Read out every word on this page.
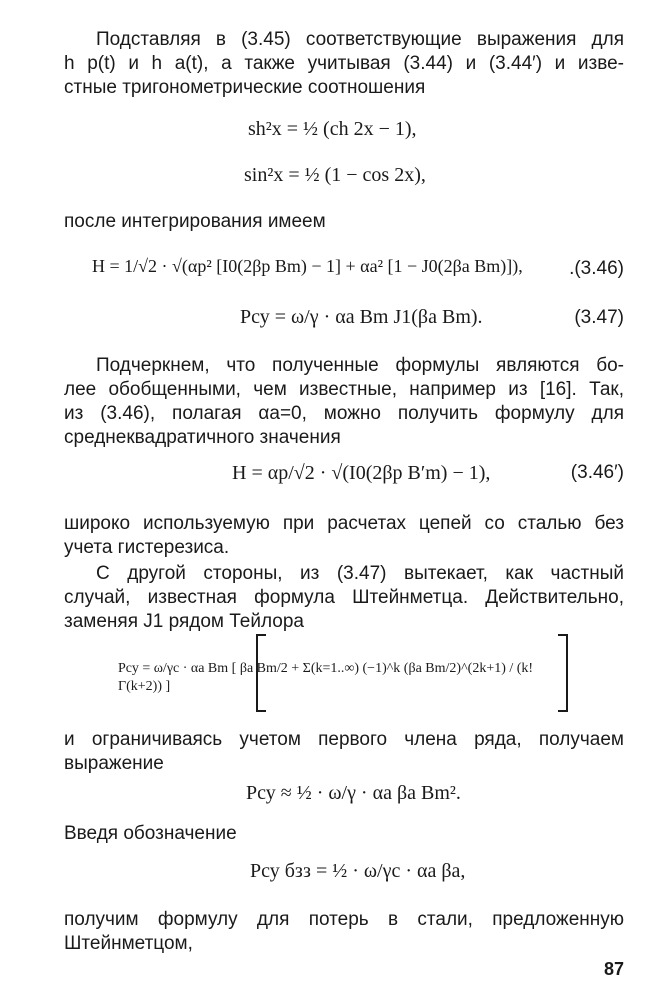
Подставляя в (3.45) соответствующие выражения для
h p(t) и h a(t), а также учитывая (3.44) и (3.44′) и изве-
стные тригонометрические соотношения
sh²x = ½ (ch 2x − 1),
sin²x = ½ (1 − cos 2x),
после интегрирования имеем
H = 1/√2 · √(αp² [I0(2βp Bm) − 1] + αa² [1 − J0(2βa Bm)]), .(3.46)
Pсу = ω/γ · αa Bm J1(βa Bm).	(3.47)
Подчеркнем, что полученные формулы являются бо-
лее обобщенными, чем известные, например из [16]. Так,
из (3.46), полагая αа=0, можно получить формулу для
среднеквадратичного значения
H = αp/√2 · √(I0(2βp B′m) − 1),	(3.46′)
широко используемую при расчетах цепей со сталью без
учета гистерезиса.
С другой стороны, из (3.47) вытекает, как частный
случай, известная формула Штейнметца. Действительно,
заменяя J1 рядом Тейлора
Pсу = ω/γс · αa Bm [ βa Bm/2 + Σ(k=1..∞) (−1)^k (βa Bm/2)^(2k+1) / (k! Γ(k+2)) ]
и ограничиваясь учетом первого члена ряда, получаем
выражение
Pсу ≈ ½ · ω/γ · αa βa Bm².
Введя обозначение
Pсу бзз = ½ · ω/γс · αa βa,
получим формулу для потерь в стали, предложенную
Штейнметцом,
87
